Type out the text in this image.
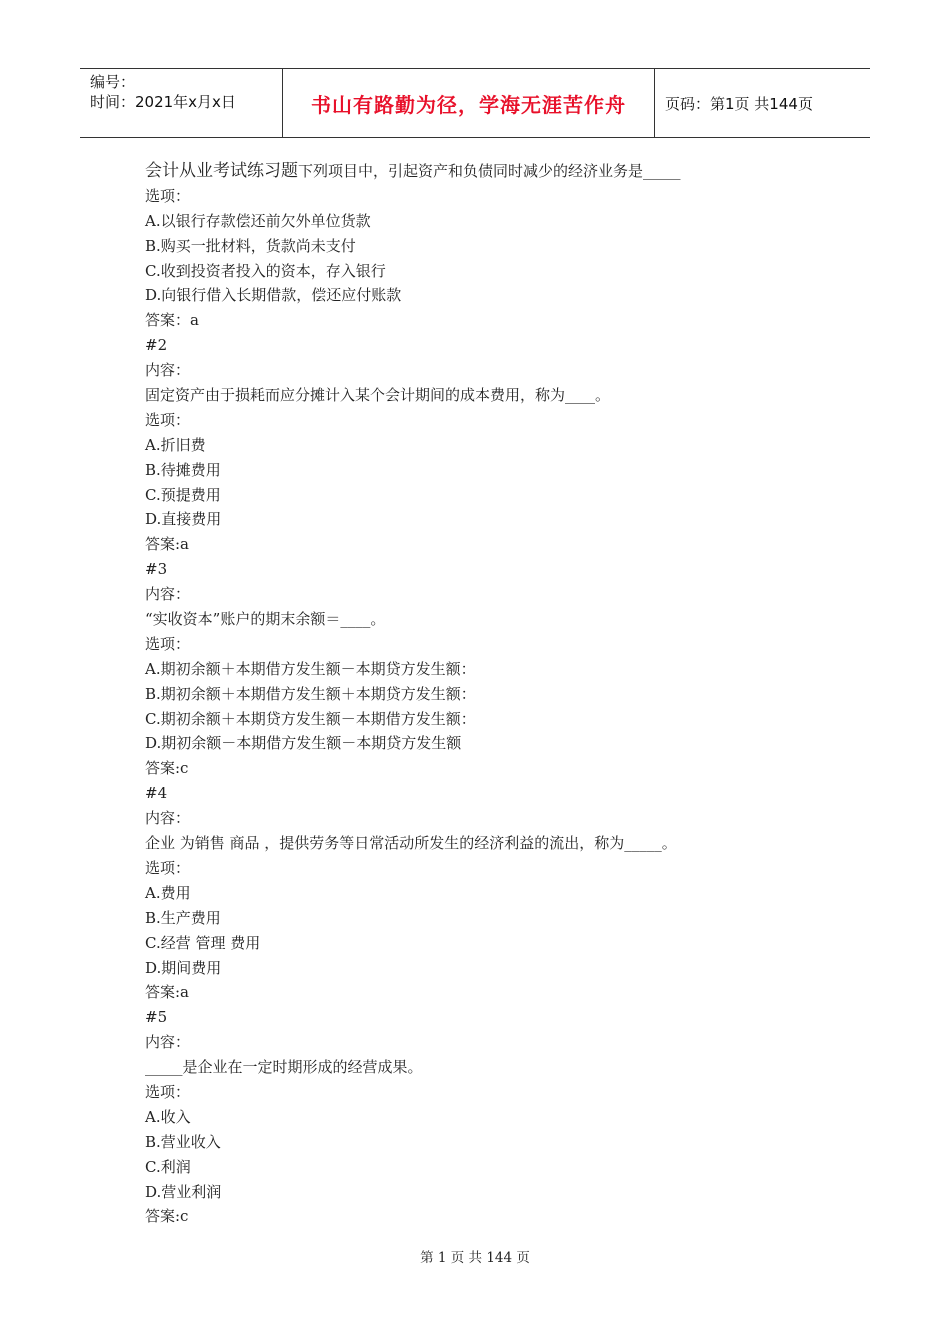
编号：
时间：2021年x月x日	书山有路勤为径，学海无涯苦作舟	页码：第1页 共144页
会计从业考试练习题下列项目中，引起资产和负债同时减少的经济业务是_____
选项：
A.以银行存款偿还前欠外单位货款
B.购买一批材料，货款尚未支付
C.收到投资者投入的资本，存入银行
D.向银行借入长期借款，偿还应付账款
答案：a
#2
内容：
固定资产由于损耗而应分摊计入某个会计期间的成本费用，称为____。
选项：
A.折旧费
B.待摊费用
C.预提费用
D.直接费用
答案:a
#3
内容：
“实收资本”账户的期末余额＝____。
选项：
A.期初余额＋本期借方发生额－本期贷方发生额：
B.期初余额＋本期借方发生额＋本期贷方发生额：
C.期初余额＋本期贷方发生额－本期借方发生额：
D.期初余额－本期借方发生额－本期贷方发生额
答案:c
#4
内容：
企业 为销售 商品 ，提供劳务等日常活动所发生的经济利益的流出，称为_____。
选项：
A.费用
B.生产费用
C.经营 管理 费用
D.期间费用
答案:a
#5
内容：
_____是企业在一定时期形成的经营成果。
选项：
A.收入
B.营业收入
C.利润
D.营业利润
答案:c
第 1 页 共 144 页
